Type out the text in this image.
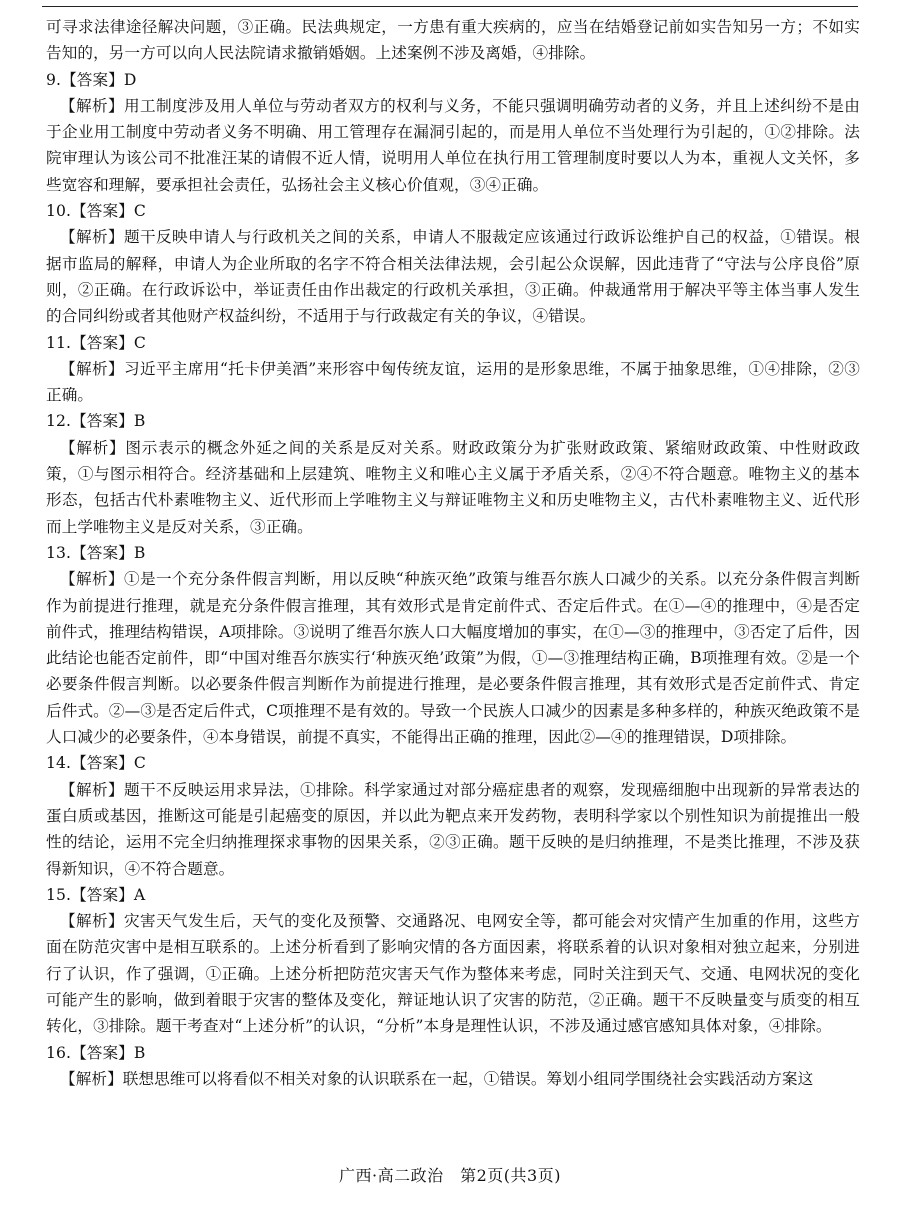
可寻求法律途径解决问题，③正确。民法典规定，一方患有重大疾病的，应当在结婚登记前如实告知另一方；不如实告知的，另一方可以向人民法院请求撤销婚姻。上述案例不涉及离婚，④排除。

9.【答案】D

【解析】用工制度涉及用人单位与劳动者双方的权利与义务，不能只强调明确劳动者的义务，并且上述纠纷不是由于企业用工制度中劳动者义务不明确、用工管理存在漏洞引起的，而是用人单位不当处理行为引起的，①②排除。法院审理认为该公司不批准汪某的请假不近人情，说明用人单位在执行用工管理制度时要以人为本，重视人文关怀，多些宽容和理解，要承担社会责任，弘扬社会主义核心价值观，③④正确。

10.【答案】C

【解析】题干反映申请人与行政机关之间的关系，申请人不服裁定应该通过行政诉讼维护自己的权益，①错误。根据市监局的解释，申请人为企业所取的名字不符合相关法律法规，会引起公众误解，因此违背了“守法与公序良俗”原则，②正确。在行政诉讼中，举证责任由作出裁定的行政机关承担，③正确。仲裁通常用于解决平等主体当事人发生的合同纠纷或者其他财产权益纠纷，不适用于与行政裁定有关的争议，④错误。

11.【答案】C

【解析】习近平主席用“托卡伊美酒”来形容中匈传统友谊，运用的是形象思维，不属于抽象思维，①④排除，②③正确。

12.【答案】B

【解析】图示表示的概念外延之间的关系是反对关系。财政政策分为扩张财政政策、紧缩财政政策、中性财政政策，①与图示相符合。经济基础和上层建筑、唯物主义和唯心主义属于矛盾关系，②④不符合题意。唯物主义的基本形态，包括古代朴素唯物主义、近代形而上学唯物主义与辩证唯物主义和历史唯物主义，古代朴素唯物主义、近代形而上学唯物主义是反对关系，③正确。

13.【答案】B

【解析】①是一个充分条件假言判断，用以反映“种族灭绝”政策与维吾尔族人口减少的关系。以充分条件假言判断作为前提进行推理，就是充分条件假言推理，其有效形式是肯定前件式、否定后件式。在①—④的推理中，④是否定前件式，推理结构错误，A项排除。③说明了维吾尔族人口大幅度增加的事实，在①—③的推理中，③否定了后件，因此结论也能否定前件，即“中国对维吾尔族实行‘种族灭绝’政策”为假，①—③推理结构正确，B项推理有效。②是一个必要条件假言判断。以必要条件假言判断作为前提进行推理，是必要条件假言推理，其有效形式是否定前件式、肯定后件式。②—③是否定后件式，C项推理不是有效的。导致一个民族人口减少的因素是多种多样的，种族灭绝政策不是人口减少的必要条件，④本身错误，前提不真实，不能得出正确的推理，因此②—④的推理错误，D项排除。

14.【答案】C

【解析】题干不反映运用求异法，①排除。科学家通过对部分癌症患者的观察，发现癌细胞中出现新的异常表达的蛋白质或基因，推断这可能是引起癌变的原因，并以此为靶点来开发药物，表明科学家以个别性知识为前提推出一般性的结论，运用不完全归纳推理探求事物的因果关系，②③正确。题干反映的是归纳推理，不是类比推理，不涉及获得新知识，④不符合题意。

15.【答案】A

【解析】灾害天气发生后，天气的变化及预警、交通路况、电网安全等，都可能会对灾情产生加重的作用，这些方面在防范灾害中是相互联系的。上述分析看到了影响灾情的各方面因素，将联系着的认识对象相对独立起来，分别进行了认识，作了强调，①正确。上述分析把防范灾害天气作为整体来考虑，同时关注到天气、交通、电网状况的变化可能产生的影响，做到着眼于灾害的整体及变化，辩证地认识了灾害的防范，②正确。题干不反映量变与质变的相互转化，③排除。题干考查对“上述分析”的认识，“分析”本身是理性认识，不涉及通过感官感知具体对象，④排除。

16.【答案】B

【解析】联想思维可以将看似不相关对象的认识联系在一起，①错误。筹划小组同学围绕社会实践活动方案这

广西·高二政治　第2页(共3页)
